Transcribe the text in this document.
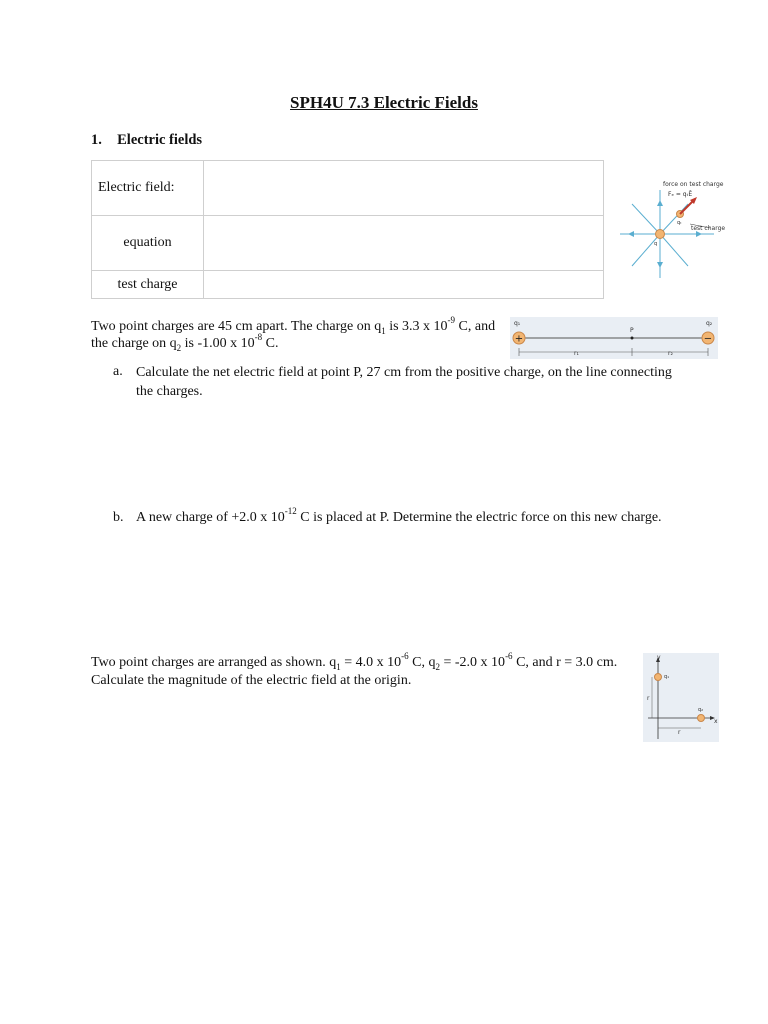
SPH4U 7.3 Electric Fields
1. Electric fields
Electric field:	
equation	
test charge	
force on test charge
Fₑ = qₜĒ
qₜ
test charge
q
Two point charges are 45 cm apart. The charge on $q_1$ is 3.3 x $10^{-9}$ C, and the charge on $q_2$ is -1.00 x $10^{-8}$ C.	+	−
q₁	q₂
P
r₁	r₂
a. Calculate the net electric field at point P, 27 cm from the positive charge, on the line connecting the charges.
b. A new charge of +2.0 x $10^{-12}$ C is placed at P. Determine the electric force on this new charge.
Two point charges are arranged as shown. $q_1 = 4.0$ x $10^{-6}$ C, $q_2 = -2.0$ x $10^{-6}$ C, and r = 3.0 cm. Calculate the magnitude of the electric field at the origin.
y
x
q₁
q₂
r
r
